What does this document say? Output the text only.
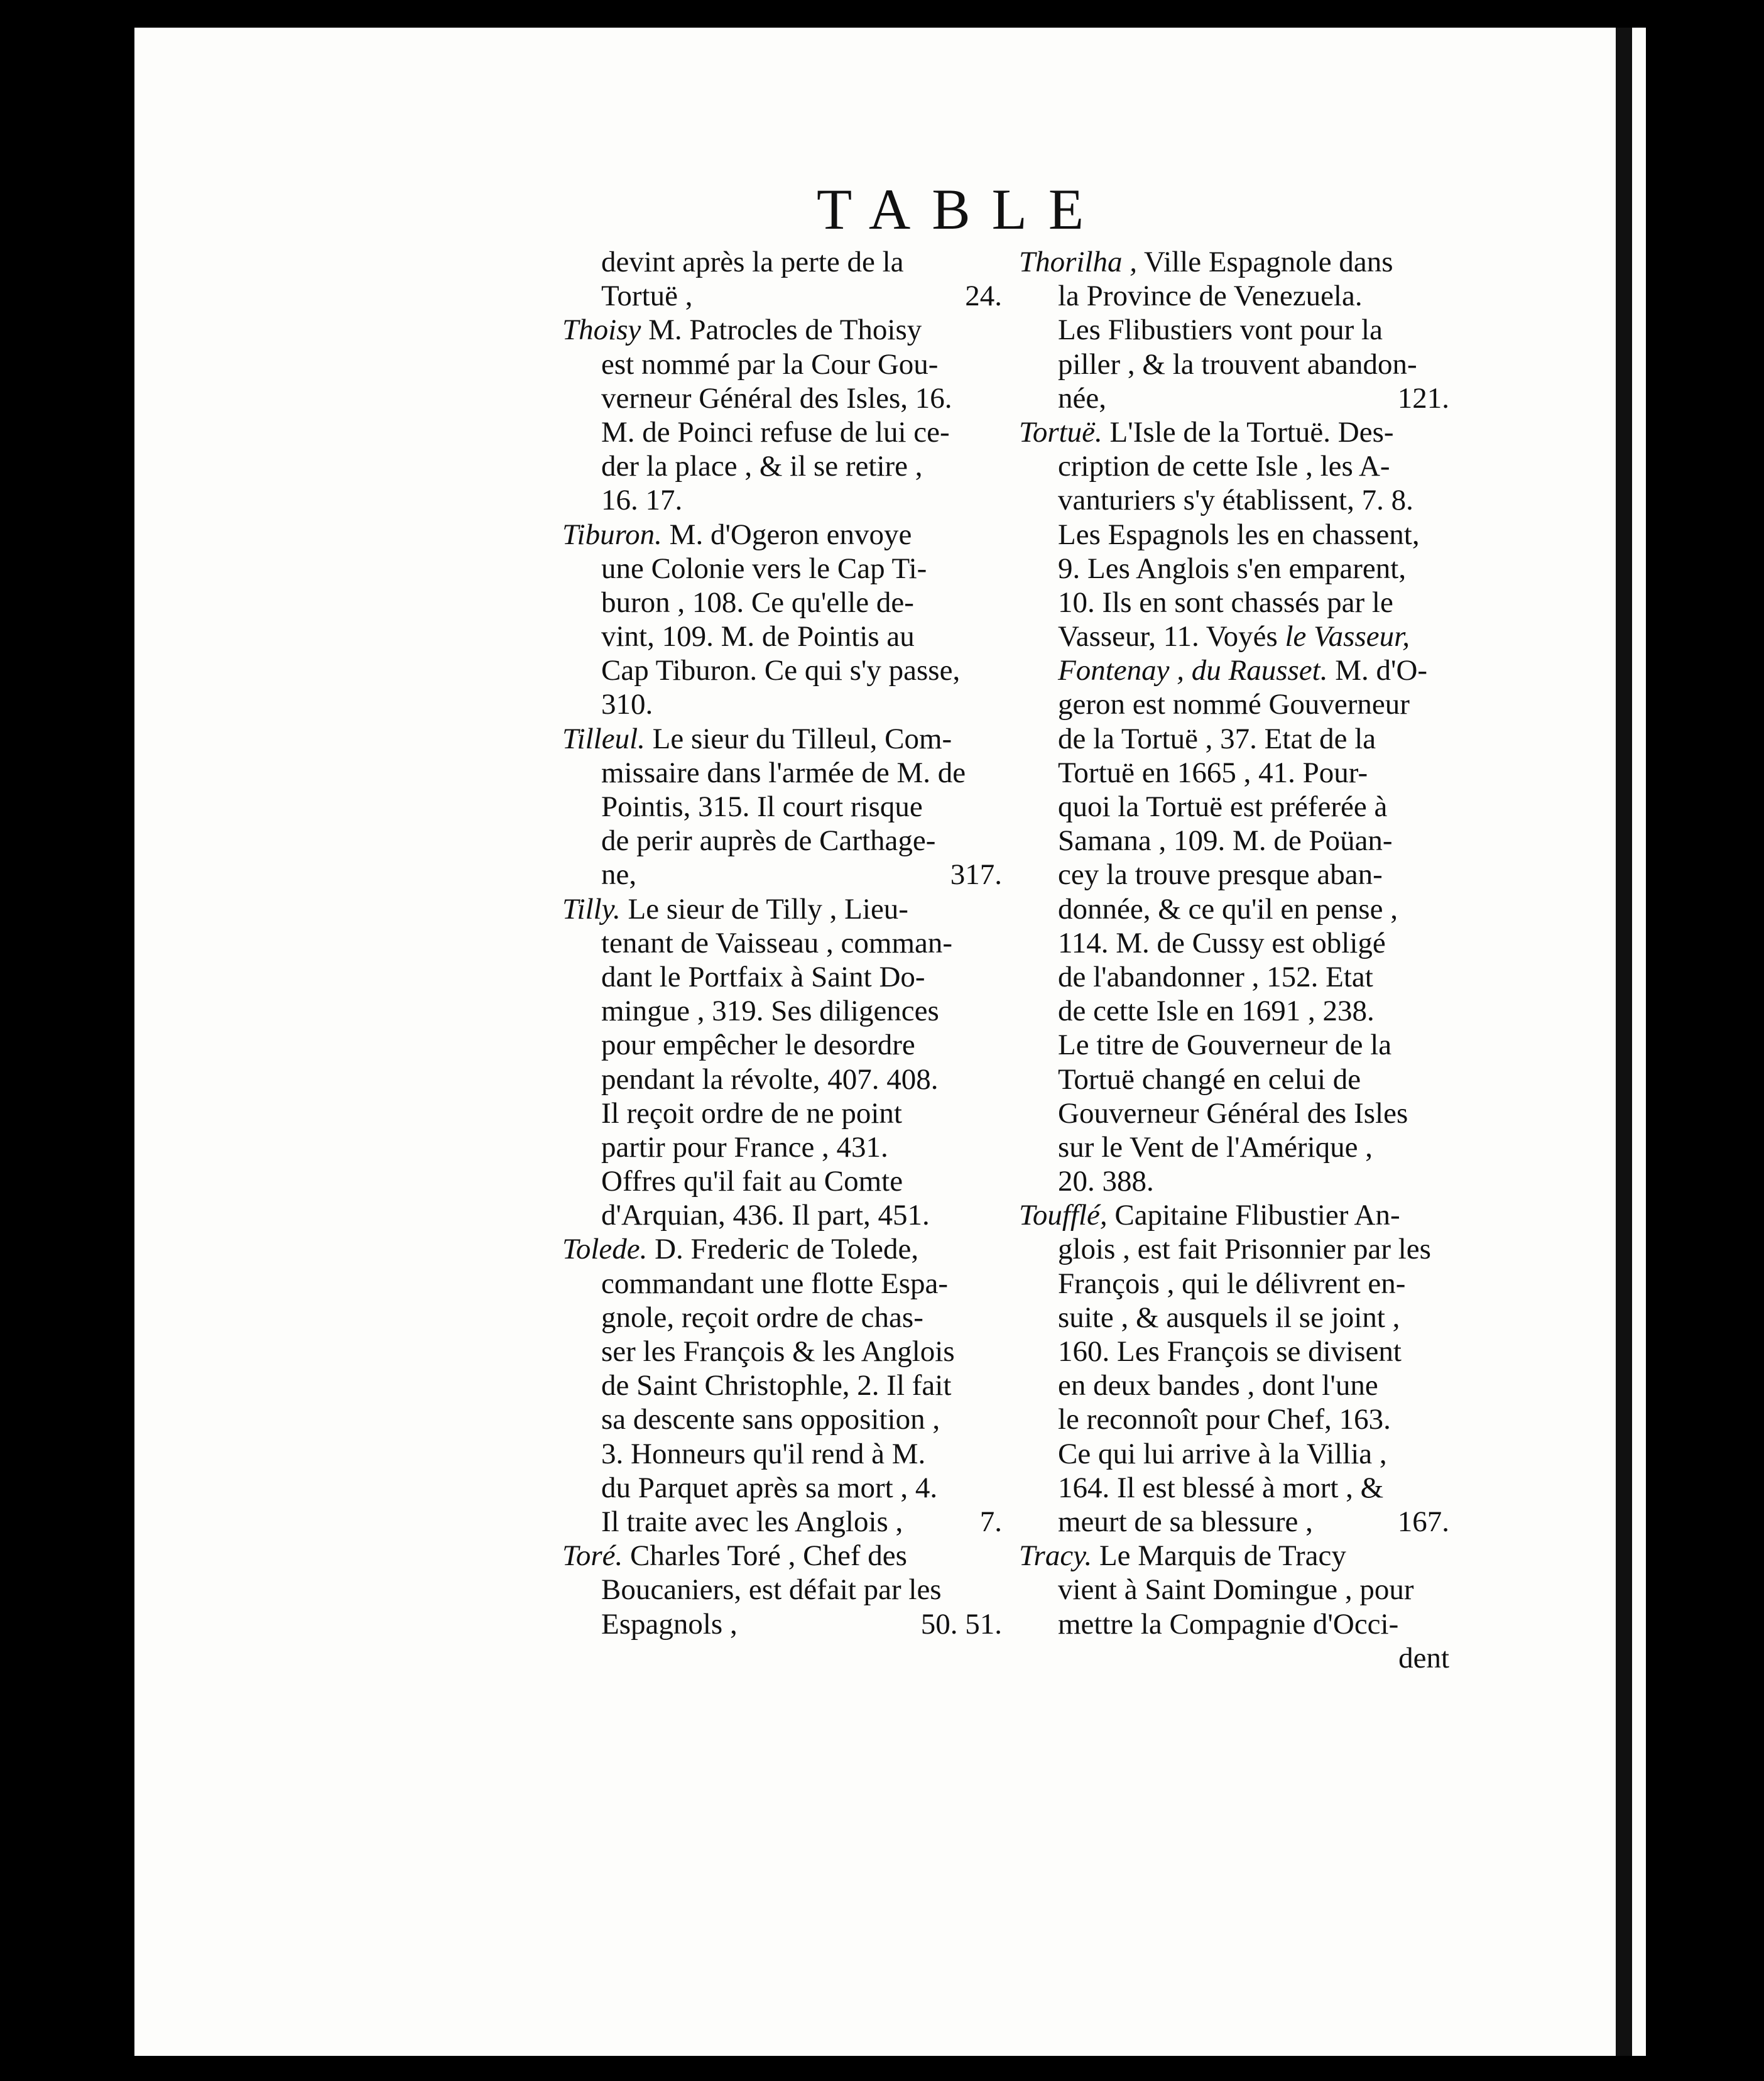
TABLE
devint après la perte de la
Tortuë ,	24.
Thoisy M. Patrocles de Thoisy
est nommé par la Cour Gou-
verneur Général des Isles, 16.
M. de Poinci refuse de lui ce-
der la place , & il se retire ,
16. 17.
Tiburon. M. d'Ogeron envoye
une Colonie vers le Cap Ti-
buron , 108. Ce qu'elle de-
vint, 109. M. de Pointis au
Cap Tiburon. Ce qui s'y passe,
310.
Tilleul. Le sieur du Tilleul, Com-
missaire dans l'armée de M. de
Pointis, 315. Il court risque
de perir auprès de Carthage-
ne,	317.
Tilly. Le sieur de Tilly , Lieu-
tenant de Vaisseau , comman-
dant le Portfaix à Saint Do-
mingue , 319. Ses diligences
pour empêcher le desordre
pendant la révolte, 407. 408.
Il reçoit ordre de ne point
partir pour France , 431.
Offres qu'il fait au Comte
d'Arquian, 436. Il part, 451.
Tolede. D. Frederic de Tolede,
commandant une flotte Espa-
gnole, reçoit ordre de chas-
ser les François & les Anglois
de Saint Christophle, 2. Il fait
sa descente sans opposition ,
3. Honneurs qu'il rend à M.
du Parquet après sa mort , 4.
Il traite avec les Anglois ,	7.
Toré. Charles Toré , Chef des
Boucaniers, est défait par les
Espagnols ,	50. 51.
Thorilha , Ville Espagnole dans
la Province de Venezuela.
Les Flibustiers vont pour la
piller , & la trouvent abandon-
née,	121.
Tortuë. L'Isle de la Tortuë. Des-
cription de cette Isle , les A-
vanturiers s'y établissent, 7. 8.
Les Espagnols les en chassent,
9. Les Anglois s'en emparent,
10. Ils en sont chassés par le
Vasseur, 11. Voyés le Vasseur,
Fontenay , du Rausset. M. d'O-
geron est nommé Gouverneur
de la Tortuë , 37. Etat de la
Tortuë en 1665 , 41. Pour-
quoi la Tortuë est préferée à
Samana , 109. M. de Poüan-
cey la trouve presque aban-
donnée, & ce qu'il en pense ,
114. M. de Cussy est obligé
de l'abandonner , 152. Etat
de cette Isle en 1691 , 238.
Le titre de Gouverneur de la
Tortuë changé en celui de
Gouverneur Général des Isles
sur le Vent de l'Amérique ,
20. 388.
Toufflé, Capitaine Flibustier An-
glois , est fait Prisonnier par les
François , qui le délivrent en-
suite , & ausquels il se joint ,
160. Les François se divisent
en deux bandes , dont l'une
le reconnoît pour Chef, 163.
Ce qui lui arrive à la Villia ,
164. Il est blessé à mort , &
meurt de sa blessure ,	167.
Tracy. Le Marquis de Tracy
vient à Saint Domingue , pour
mettre la Compagnie d'Occi-
dent
